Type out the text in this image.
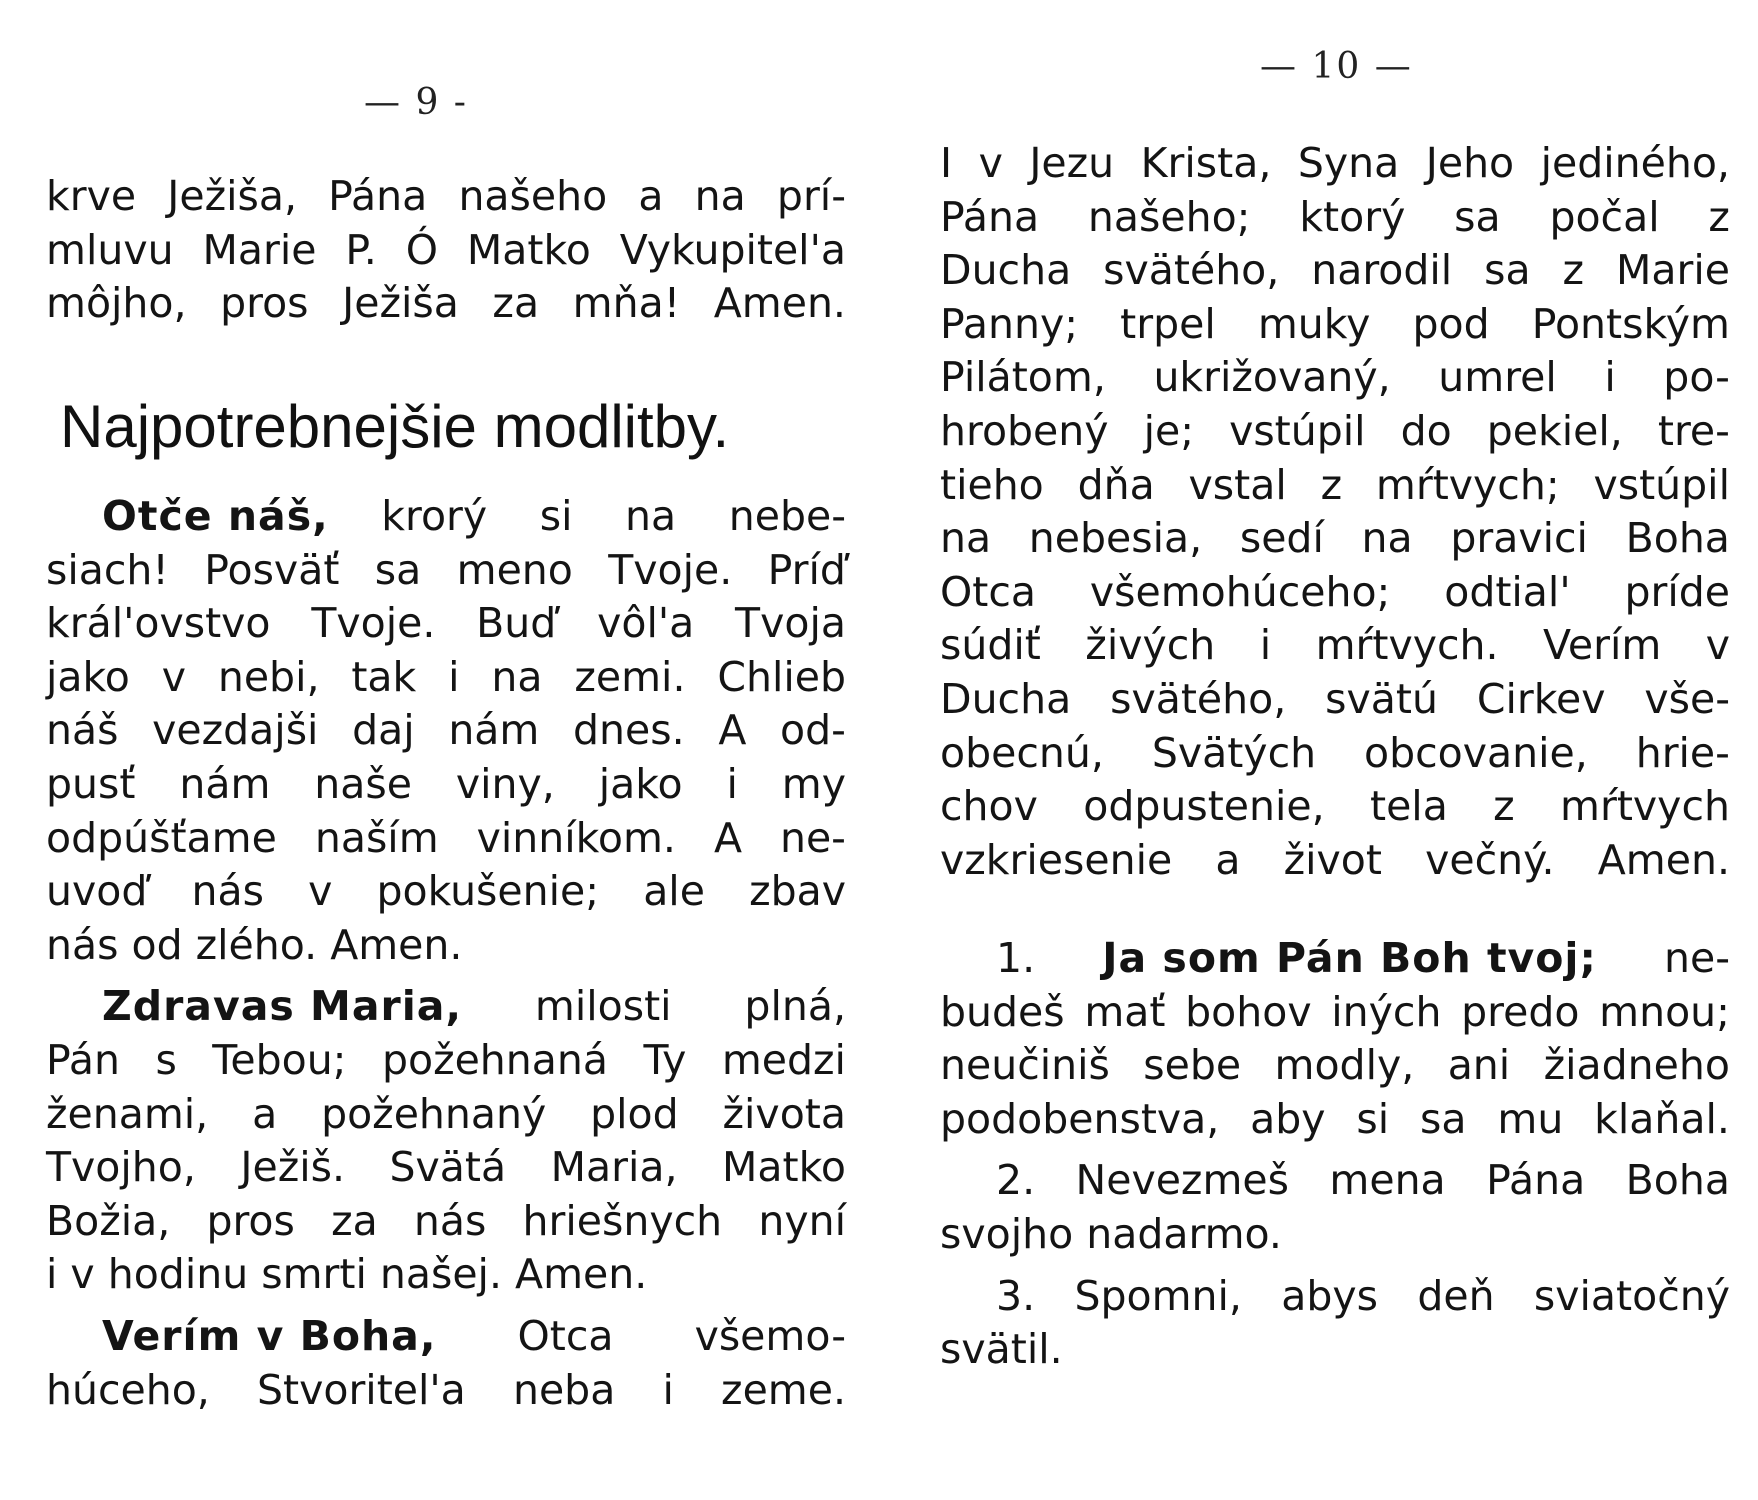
— 9 -
krve Ježiša, Pána našeho a na prí-
mluvu Marie P. Ó Matko Vykupitel'a
môjho, pros Ježiša za mňa! Amen.
Najpotrebnejšie modlitby.
Otče náš, krorý si na nebe-
siach! Posväť sa meno Tvoje. Príď
král'ovstvo Tvoje. Buď vôl'a Tvoja
jako v nebi, tak i na zemi. Chlieb
náš vezdajši daj nám dnes. A od-
pusť nám naše viny, jako i my
odpúšťame naším vinníkom. A ne-
uvoď nás v pokušenie; ale zbav
nás od zlého. Amen.
Zdravas Maria, milosti plná,
Pán s Tebou; požehnaná Ty medzi
ženami, a požehnaný plod života
Tvojho, Ježiš. Svätá Maria, Matko
Božia, pros za nás hriešnych nyní
i v hodinu smrti našej. Amen.
Verím v Boha, Otca všemo-
húceho, Stvoritel'a neba i zeme.
— 10 —
I v Jezu Krista, Syna Jeho jediného,
Pána našeho; ktorý sa počal z
Ducha svätého, narodil sa z Marie
Panny; trpel muky pod Pontským
Pilátom, ukrižovaný, umrel i po-
hrobený je; vstúpil do pekiel, tre-
tieho dňa vstal z mŕtvych; vstúpil
na nebesia, sedí na pravici Boha
Otca všemohúceho; odtial' príde
súdiť živých i mŕtvych. Verím v
Ducha svätého, svätú Cirkev vše-
obecnú, Svätých obcovanie, hrie-
chov odpustenie, tela z mŕtvych
vzkriesenie a život večný. Amen.
1. Ja som Pán Boh tvoj; ne-
budeš mať bohov iných predo mnou;
neučiniš sebe modly, ani žiadneho
podobenstva, aby si sa mu klaňal.
2. Nevezmeš mena Pána Boha
svojho nadarmo.
3. Spomni, abys deň sviatočný
svätil.
